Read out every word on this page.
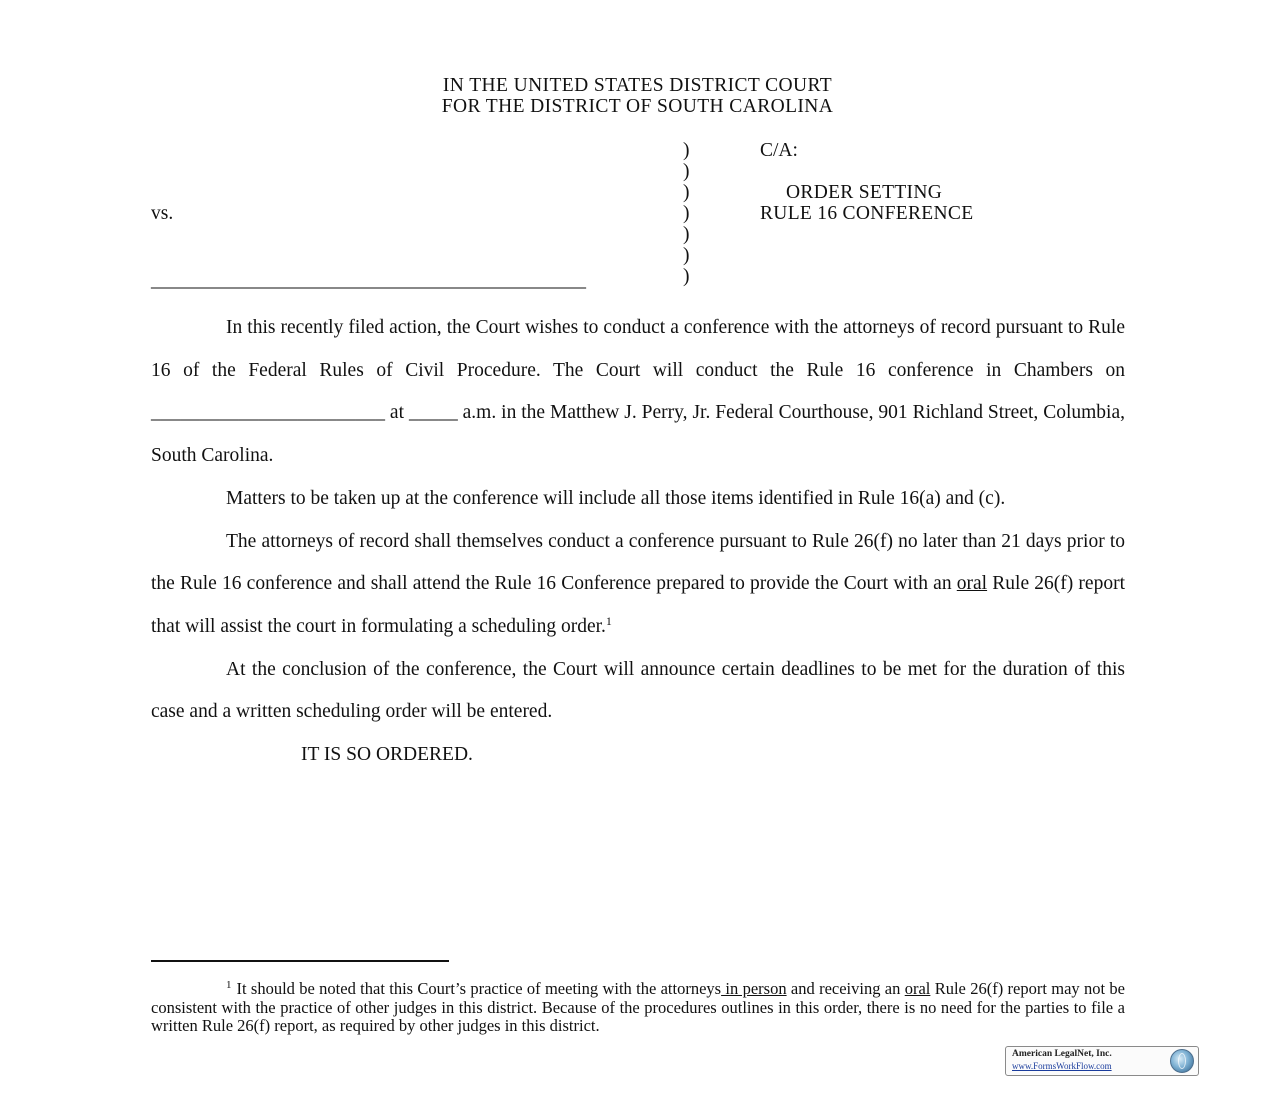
IN THE UNITED STATES DISTRICT COURT
FOR THE DISTRICT OF SOUTH CAROLINA
)
)
)
)
)
)
)
C/A:
ORDER SETTING
RULE 16 CONFERENCE
vs.
______________________________________________

In this recently filed action, the Court wishes to conduct a conference with the attorneys of record pursuant to Rule 16 of the Federal Rules of Civil Procedure. The Court will conduct the Rule 16 conference in Chambers on ________________________ at _____ a.m. in the Matthew J. Perry, Jr. Federal Courthouse, 901 Richland Street, Columbia, South Carolina.

Matters to be taken up at the conference will include all those items identified in Rule 16(a) and (c).

The attorneys of record shall themselves conduct a conference pursuant to Rule 26(f) no later than 21 days prior to the Rule 16 conference and shall attend the Rule 16 Conference prepared to provide the Court with an oral Rule 26(f) report that will assist the court in formulating a scheduling order.$^1$

At the conclusion of the conference, the Court will announce certain deadlines to be met for the duration of this case and a written scheduling order will be entered.

IT IS SO ORDERED.

$^1$ It should be noted that this Court’s practice of meeting with the attorneys in person and receiving an oral Rule 26(f) report may not be consistent with the practice of other judges in this district. Because of the procedures outlines in this order, there is no need for the parties to file a written Rule 26(f) report, as required by other judges in this district.
American LegalNet, Inc.
www.FormsWorkFlow.com
